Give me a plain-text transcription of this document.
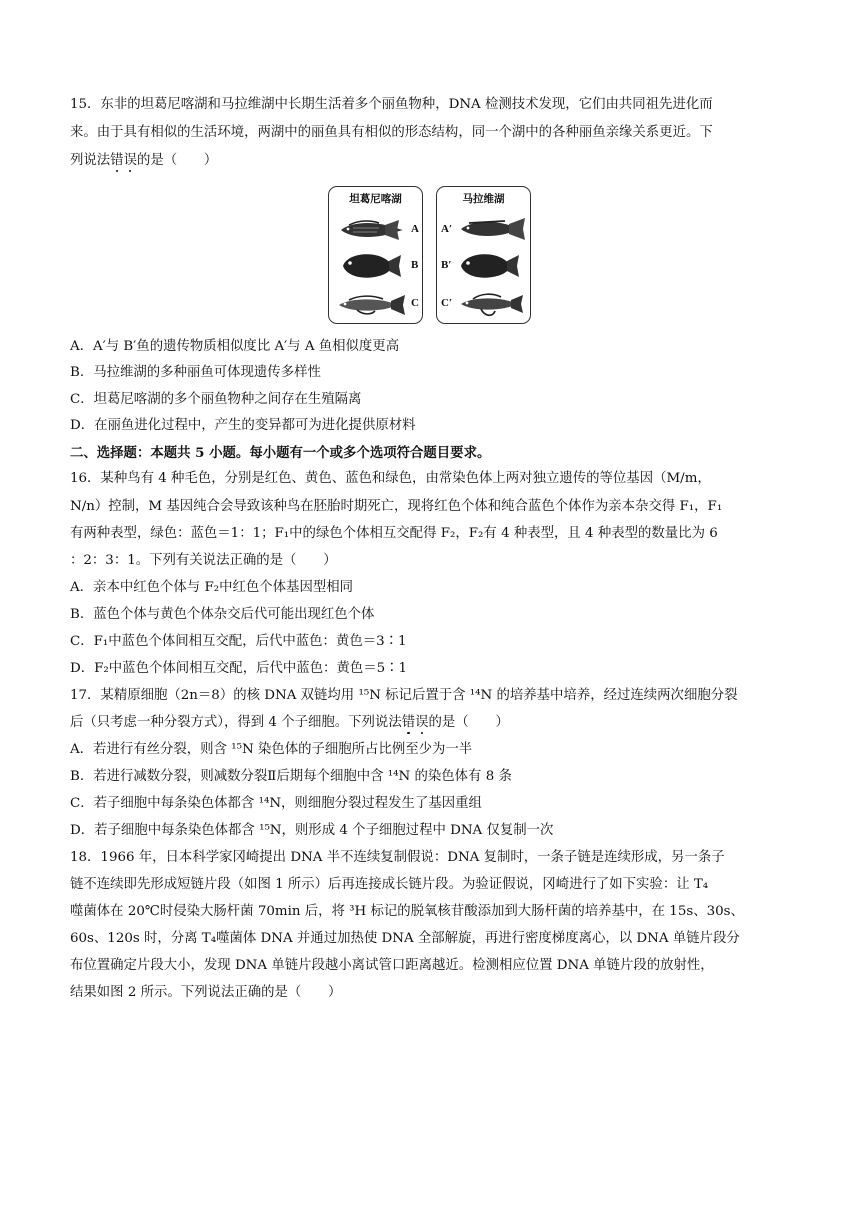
15．东非的坦葛尼喀湖和马拉维湖中长期生活着多个丽鱼物种，DNA 检测技术发现，它们由共同祖先进化而
来。由于具有相似的生活环境，两湖中的丽鱼具有相似的形态结构，同一个湖中的各种丽鱼亲缘关系更近。下
列说法错误的是（　　）
坦葛尼喀湖
A
B
C
马拉维湖
A′
B′
C′
A．A′与 B′鱼的遗传物质相似度比 A′与 A 鱼相似度更高
B．马拉维湖的多种丽鱼可体现遗传多样性
C．坦葛尼喀湖的多个丽鱼物种之间存在生殖隔离
D．在丽鱼进化过程中，产生的变异都可为进化提供原材料
二、选择题：本题共 5 小题。每小题有一个或多个选项符合题目要求。
16．某种鸟有 4 种毛色，分别是红色、黄色、蓝色和绿色，由常染色体上两对独立遗传的等位基因（M/m，
N/n）控制，M 基因纯合会导致该种鸟在胚胎时期死亡，现将红色个体和纯合蓝色个体作为亲本杂交得 F₁，F₁
有两种表型，绿色：蓝色＝1：1；F₁中的绿色个体相互交配得 F₂，F₂有 4 种表型，且 4 种表型的数量比为 6
：2：3：1。下列有关说法正确的是（　　）
A．亲本中红色个体与 F₂中红色个体基因型相同
B．蓝色个体与黄色个体杂交后代可能出现红色个体
C．F₁中蓝色个体间相互交配，后代中蓝色：黄色＝3∶1
D．F₂中蓝色个体间相互交配，后代中蓝色：黄色＝5∶1
17．某精原细胞（2n＝8）的核 DNA 双链均用 ¹⁵N 标记后置于含 ¹⁴N 的培养基中培养，经过连续两次细胞分裂
后（只考虑一种分裂方式），得到 4 个子细胞。下列说法错误的是（　　）
A．若进行有丝分裂，则含 ¹⁵N 染色体的子细胞所占比例至少为一半
B．若进行减数分裂，则减数分裂Ⅱ后期每个细胞中含 ¹⁴N 的染色体有 8 条
C．若子细胞中每条染色体都含 ¹⁴N，则细胞分裂过程发生了基因重组
D．若子细胞中每条染色体都含 ¹⁵N，则形成 4 个子细胞过程中 DNA 仅复制一次
18．1966 年，日本科学家冈崎提出 DNA 半不连续复制假说：DNA 复制时，一条子链是连续形成，另一条子
链不连续即先形成短链片段（如图 1 所示）后再连接成长链片段。为验证假说，冈崎进行了如下实验：让 T₄
噬菌体在 20℃时侵染大肠杆菌 70min 后，将 ³H 标记的脱氧核苷酸添加到大肠杆菌的培养基中，在 15s、30s、
60s、120s 时，分离 T₄噬菌体 DNA 并通过加热使 DNA 全部解旋，再进行密度梯度离心，以 DNA 单链片段分
布位置确定片段大小，发现 DNA 单链片段越小离试管口距离越近。检测相应位置 DNA 单链片段的放射性，
结果如图 2 所示。下列说法正确的是（　　）
